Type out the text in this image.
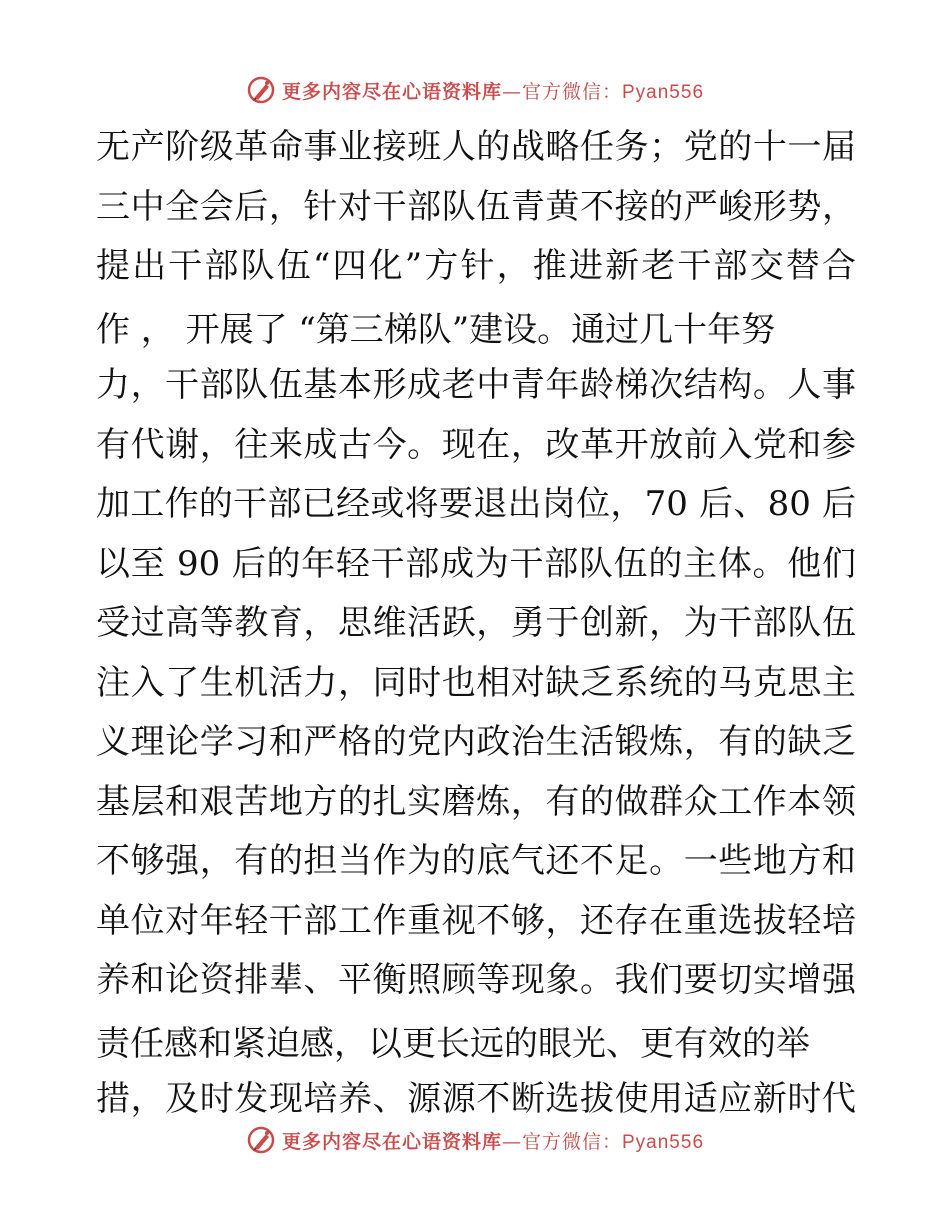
更多内容尽在心语资料库—官方微信：Pyan556
无产阶级革命事业接班人的战略任务；党的十一届
三中全会后，针对干部队伍青黄不接的严峻形势，
提出干部队伍“四化”方针，推进新老干部交替合
作 ， 开展了 “第三梯队”建设。通过几十年努
力，干部队伍基本形成老中青年龄梯次结构。人事
有代谢，往来成古今。现在，改革开放前入党和参
加工作的干部已经或将要退出岗位，70 后、80 后
以至 90 后的年轻干部成为干部队伍的主体。他们
受过高等教育，思维活跃，勇于创新，为干部队伍
注入了生机活力，同时也相对缺乏系统的马克思主
义理论学习和严格的党内政治生活锻炼，有的缺乏
基层和艰苦地方的扎实磨炼，有的做群众工作本领
不够强，有的担当作为的底气还不足。一些地方和
单位对年轻干部工作重视不够，还存在重选拔轻培
养和论资排辈、平衡照顾等现象。我们要切实增强
责任感和紧迫感，以更长远的眼光、更有效的举
措，及时发现培养、源源不断选拔使用适应新时代
更多内容尽在心语资料库—官方微信：Pyan556
